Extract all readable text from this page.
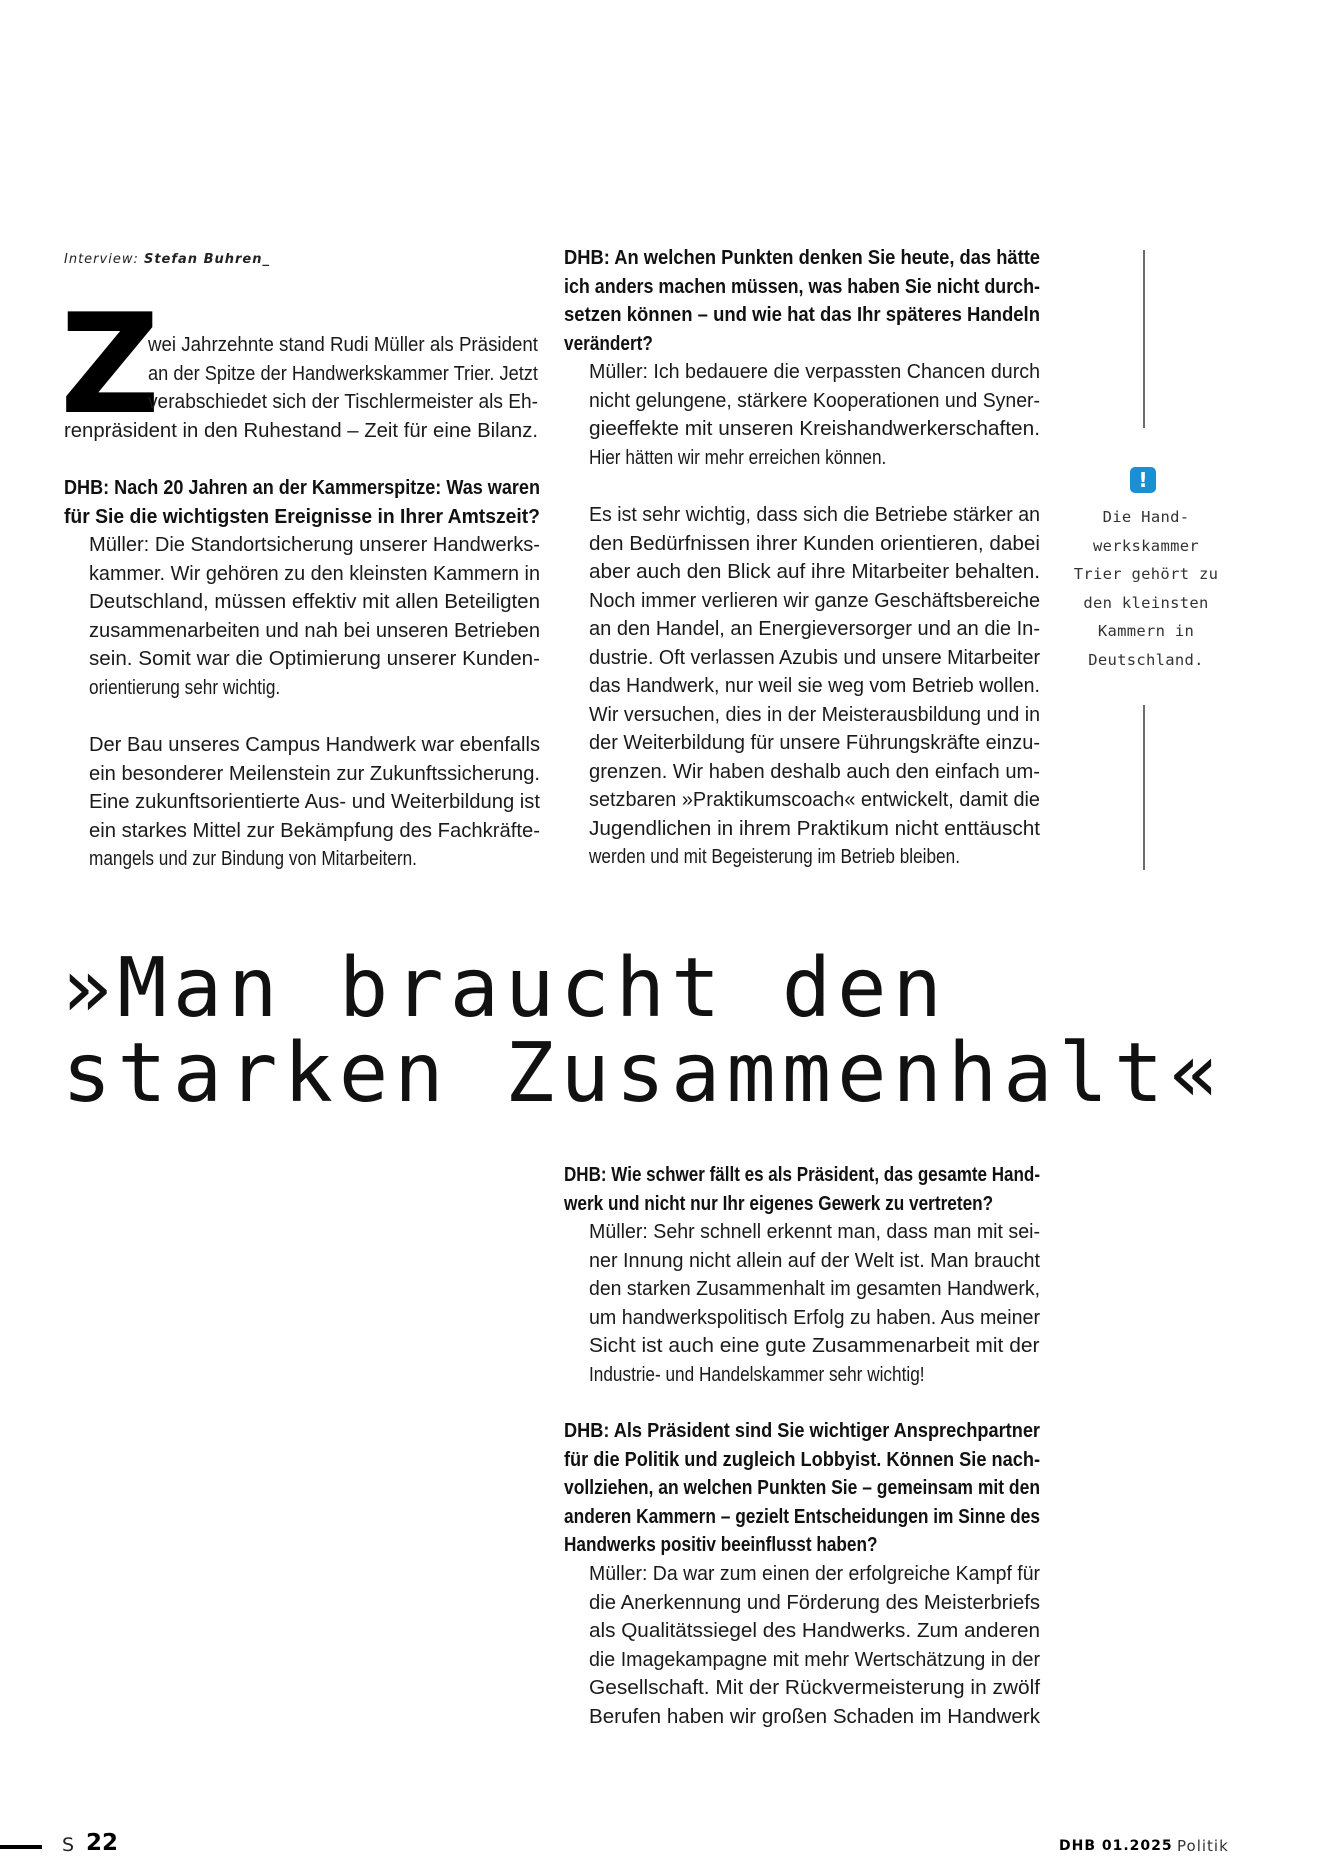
Interview: Stefan Buhren_
Z
wei Jahrzehnte stand Rudi Müller als Präsident
an der Spitze der Handwerkskammer Trier. Jetzt
verabschiedet sich der Tischlermeister als Eh-
renpräsident in den Ruhestand – Zeit für eine Bilanz.
DHB: Nach 20 Jahren an der Kammerspitze: Was waren
für Sie die wichtigsten Ereignisse in Ihrer Amtszeit?
Müller: Die Standortsicherung unserer Handwerks-
kammer. Wir gehören zu den kleinsten Kammern in
Deutschland, müssen effektiv mit allen Beteiligten
zusammenarbeiten und nah bei unseren Betrieben
sein. Somit war die Optimierung unserer Kunden-
orientierung sehr wichtig.
Der Bau unseres Campus Handwerk war ebenfalls
ein besonderer Meilenstein zur Zukunftssicherung.
Eine zukunftsorientierte Aus- und Weiterbildung ist
ein starkes Mittel zur Bekämpfung des Fachkräfte-
mangels und zur Bindung von Mitarbeitern.
DHB: An welchen Punkten denken Sie heute, das hätte
ich anders machen müssen, was haben Sie nicht durch-
setzen können – und wie hat das Ihr späteres Handeln
verändert?
Müller: Ich bedauere die verpassten Chancen durch
nicht gelungene, stärkere Kooperationen und Syner-
gieeffekte mit unseren Kreishandwerkerschaften.
Hier hätten wir mehr erreichen können.
Es ist sehr wichtig, dass sich die Betriebe stärker an
den Bedürfnissen ihrer Kunden orientieren, dabei
aber auch den Blick auf ihre Mitarbeiter behalten.
Noch immer verlieren wir ganze Geschäftsbereiche
an den Handel, an Energieversorger und an die In-
dustrie. Oft verlassen Azubis und unsere Mitarbeiter
das Handwerk, nur weil sie weg vom Betrieb wollen.
Wir versuchen, dies in der Meisterausbildung und in
der Weiterbildung für unsere Führungskräfte einzu-
grenzen. Wir haben deshalb auch den einfach um-
setzbaren »Praktikumscoach« entwickelt, damit die
Jugendlichen in ihrem Praktikum nicht enttäuscht
werden und mit Begeisterung im Betrieb bleiben.
!
Die Hand-
werkskammer
Trier gehört zu
den kleinsten
Kammern in
Deutschland.
»Man braucht den
starken Zusammenhalt«
DHB: Wie schwer fällt es als Präsident, das gesamte Hand-
werk und nicht nur Ihr eigenes Gewerk zu vertreten?
Müller: Sehr schnell erkennt man, dass man mit sei-
ner Innung nicht allein auf der Welt ist. Man braucht
den starken Zusammenhalt im gesamten Handwerk,
um handwerkspolitisch Erfolg zu haben. Aus meiner
Sicht ist auch eine gute Zusammenarbeit mit der
Industrie- und Handelskammer sehr wichtig!
DHB: Als Präsident sind Sie wichtiger Ansprechpartner
für die Politik und zugleich Lobbyist. Können Sie nach-
vollziehen, an welchen Punkten Sie – gemeinsam mit den
anderen Kammern – gezielt Entscheidungen im Sinne des
Handwerks positiv beeinflusst haben?
Müller: Da war zum einen der erfolgreiche Kampf für
die Anerkennung und Förderung des Meisterbriefs
als Qualitätssiegel des Handwerks. Zum anderen
die Imagekampagne mit mehr Wertschätzung in der
Gesellschaft. Mit der Rückvermeisterung in zwölf
Berufen haben wir großen Schaden im Handwerk
S 22	DHB 01.2025 Politik
